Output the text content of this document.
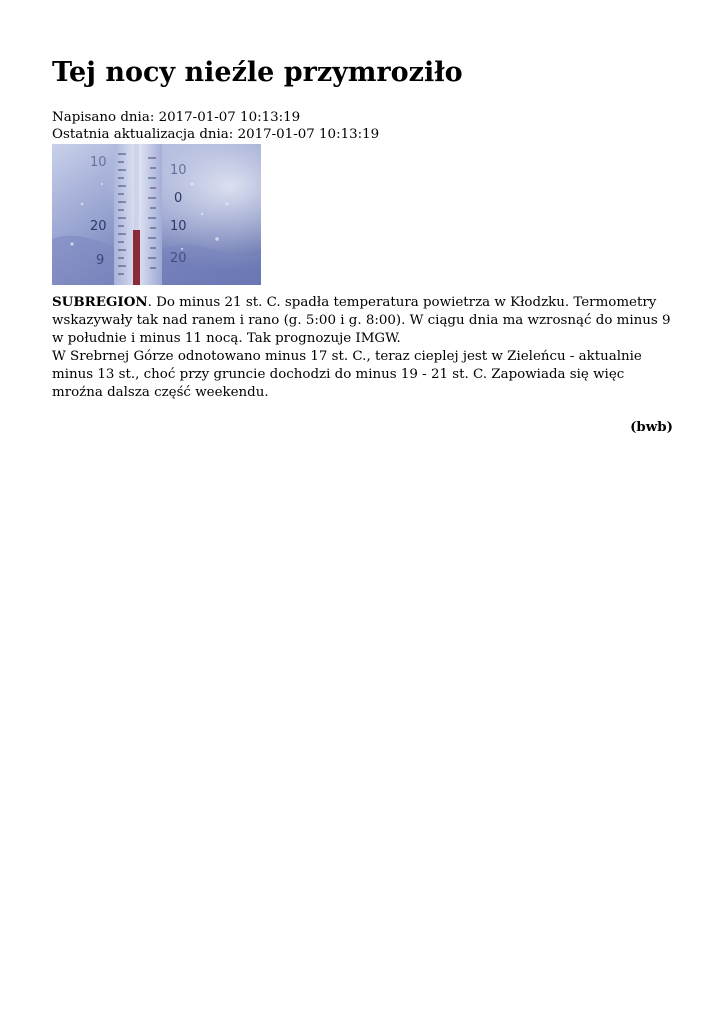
Tej nocy nieźle przymroziło
Napisano dnia: 2017-01-07 10:13:19
Ostatnia aktualizacja dnia: 2017-01-07 10:13:19
10
10
0
20	10
9	20

SUBREGION. Do minus 21 st. C. spadła temperatura powietrza w Kłodzku. Termometry wskazywały tak nad ranem i rano (g. 5:00 i g. 8:00). W ciągu dnia ma wzrosnąć do minus 9 w południe i minus 11 nocą. Tak prognozuje IMGW.

W Srebrnej Górze odnotowano minus 17 st. C., teraz cieplej jest w Zieleńcu - aktualnie minus 13 st., choć przy gruncie dochodzi do minus 19 - 21 st. C. Zapowiada się więc mroźna dalsza część weekendu.

(bwb)
